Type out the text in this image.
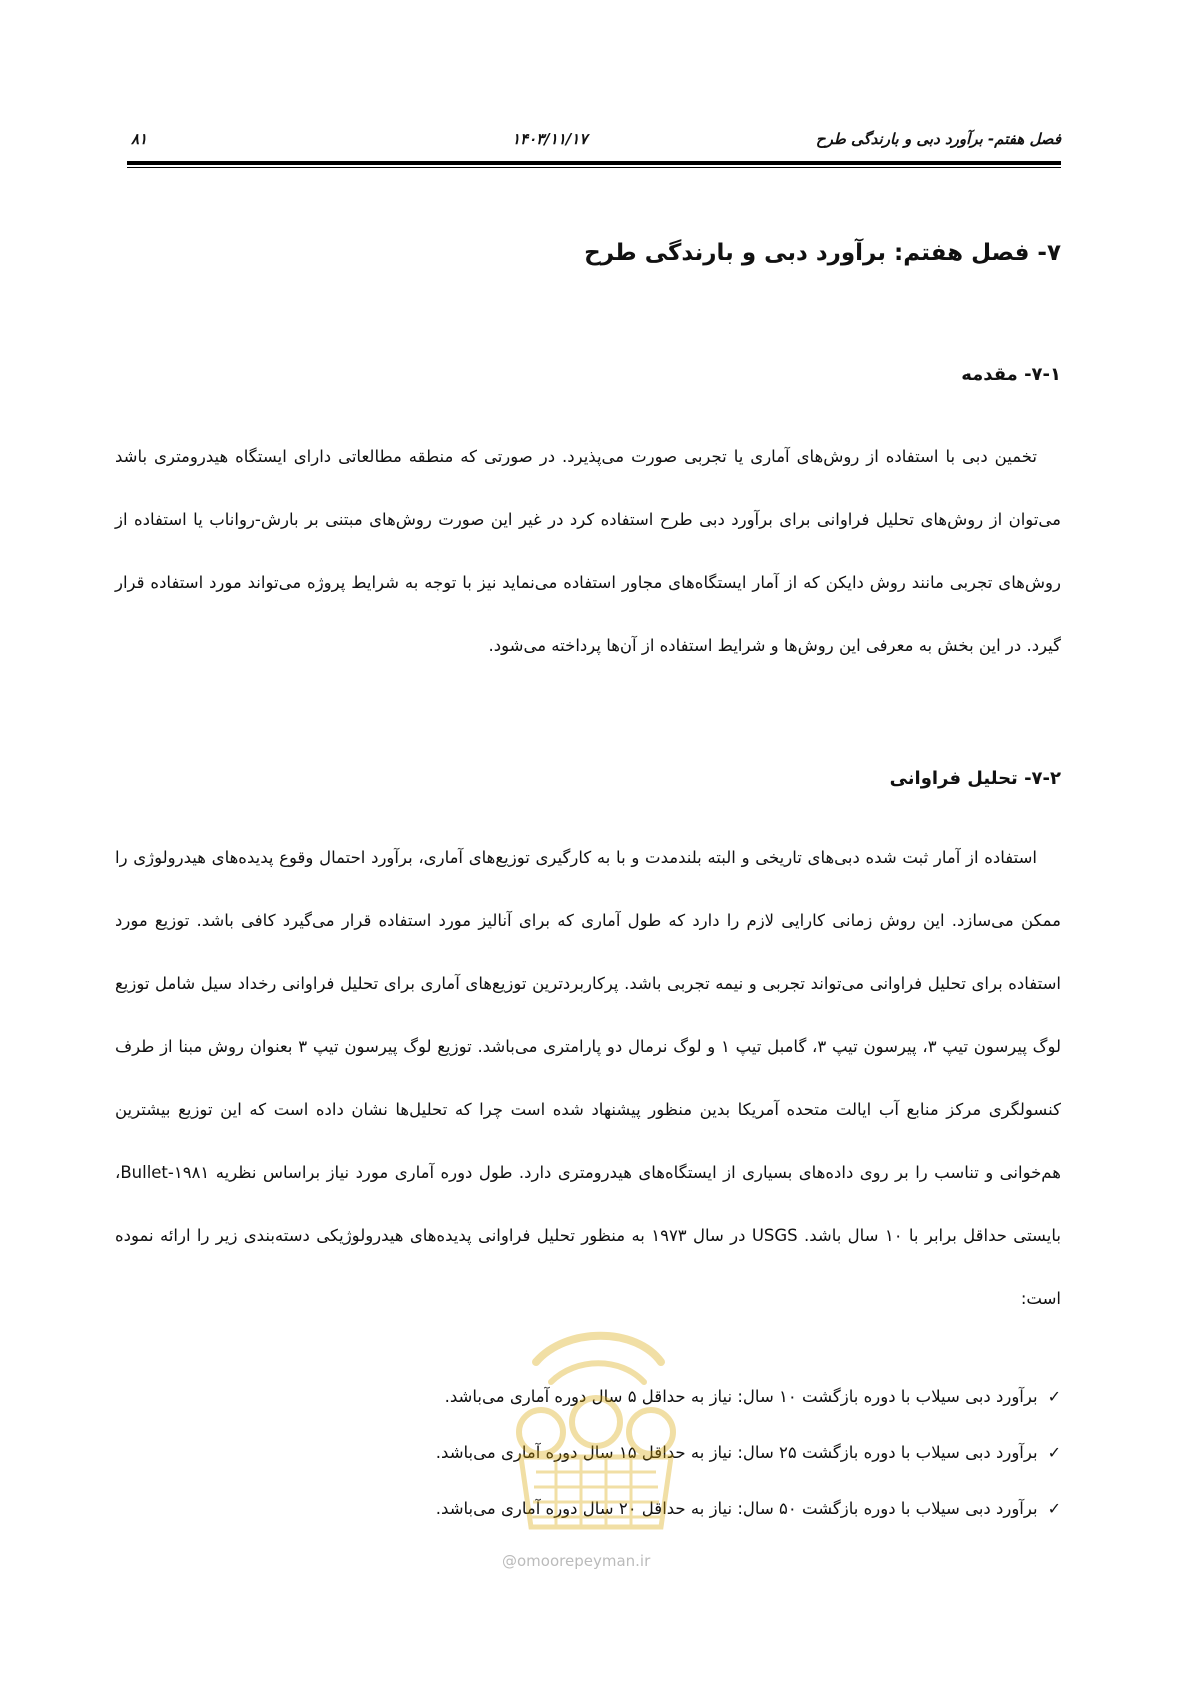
فصل هفتم- برآورد دبی و بارندگی طرح
۱۴۰۳/۱۱/۱۷
۸۱
۷- فصل هفتم: برآورد دبی و بارندگی طرح
۷-۱- مقدمه

تخمین دبی با استفاده از روش‌های آماری یا تجربی صورت می‌پذیرد. در صورتی که منطقه مطالعاتی دارای ایستگاه هیدرومتری باشد می‌توان از روش‌های تحلیل فراوانی برای برآورد دبی طرح استفاده کرد در غیر این صورت روش‌های مبتنی بر بارش-رواناب یا استفاده از روش‌های تجربی مانند روش دایکن که از آمار ایستگاه‌های مجاور استفاده می‌نماید نیز با توجه به شرایط پروژه می‌تواند مورد استفاده قرار گیرد. در این بخش به معرفی این روش‌ها و شرایط استفاده از آن‌ها پرداخته می‌شود.

۷-۲- تحلیل فراوانی

استفاده از آمار ثبت شده دبی‌های تاریخی و البته بلندمدت و با به کارگیری توزیع‌های آماری، برآورد احتمال وقوع پدیده‌های هیدرولوژی را ممکن می‌سازد. این روش زمانی کارایی لازم را دارد که طول آماری که برای آنالیز مورد استفاده قرار می‌گیرد کافی باشد. توزیع مورد استفاده برای تحلیل فراوانی می‌تواند تجربی و نیمه تجربی باشد. پرکاربردترین توزیع‌های آماری برای تحلیل فراوانی رخداد سیل شامل توزیع لوگ پیرسون تیپ ۳، پیرسون تیپ ۳، گامبل تیپ ۱ و لوگ نرمال دو پارامتری می‌باشد. توزیع لوگ پیرسون تیپ ۳ بعنوان روش مبنا از طرف کنسولگری مرکز منابع آب ایالت متحده آمریکا بدین منظور پیشنهاد شده است چرا که تحلیل‌ها نشان داده است که این توزیع بیشترین هم‌خوانی و تناسب را بر روی داده‌های بسیاری از ایستگاه‌های هیدرومتری دارد. طول دوره آماری مورد نیاز براساس نظریه Bullet-۱۹۸۱، بایستی حداقل برابر با ۱۰ سال باشد. USGS در سال ۱۹۷۳ به منظور تحلیل فراوانی پدیده‌های هیدرولوژیکی دسته‌بندی زیر را ارائه نموده است:

✓
برآورد دبی سیلاب با دوره بازگشت ۱۰ سال: نیاز به حداقل ۵ سال دوره آماری می‌باشد.
✓
برآورد دبی سیلاب با دوره بازگشت ۲۵ سال: نیاز به حداقل ۱۵ سال دوره آماری می‌باشد.
✓
برآورد دبی سیلاب با دوره بازگشت ۵۰ سال: نیاز به حداقل ۲۰ سال دوره آماری می‌باشد.
@omoorepeyman.ir
